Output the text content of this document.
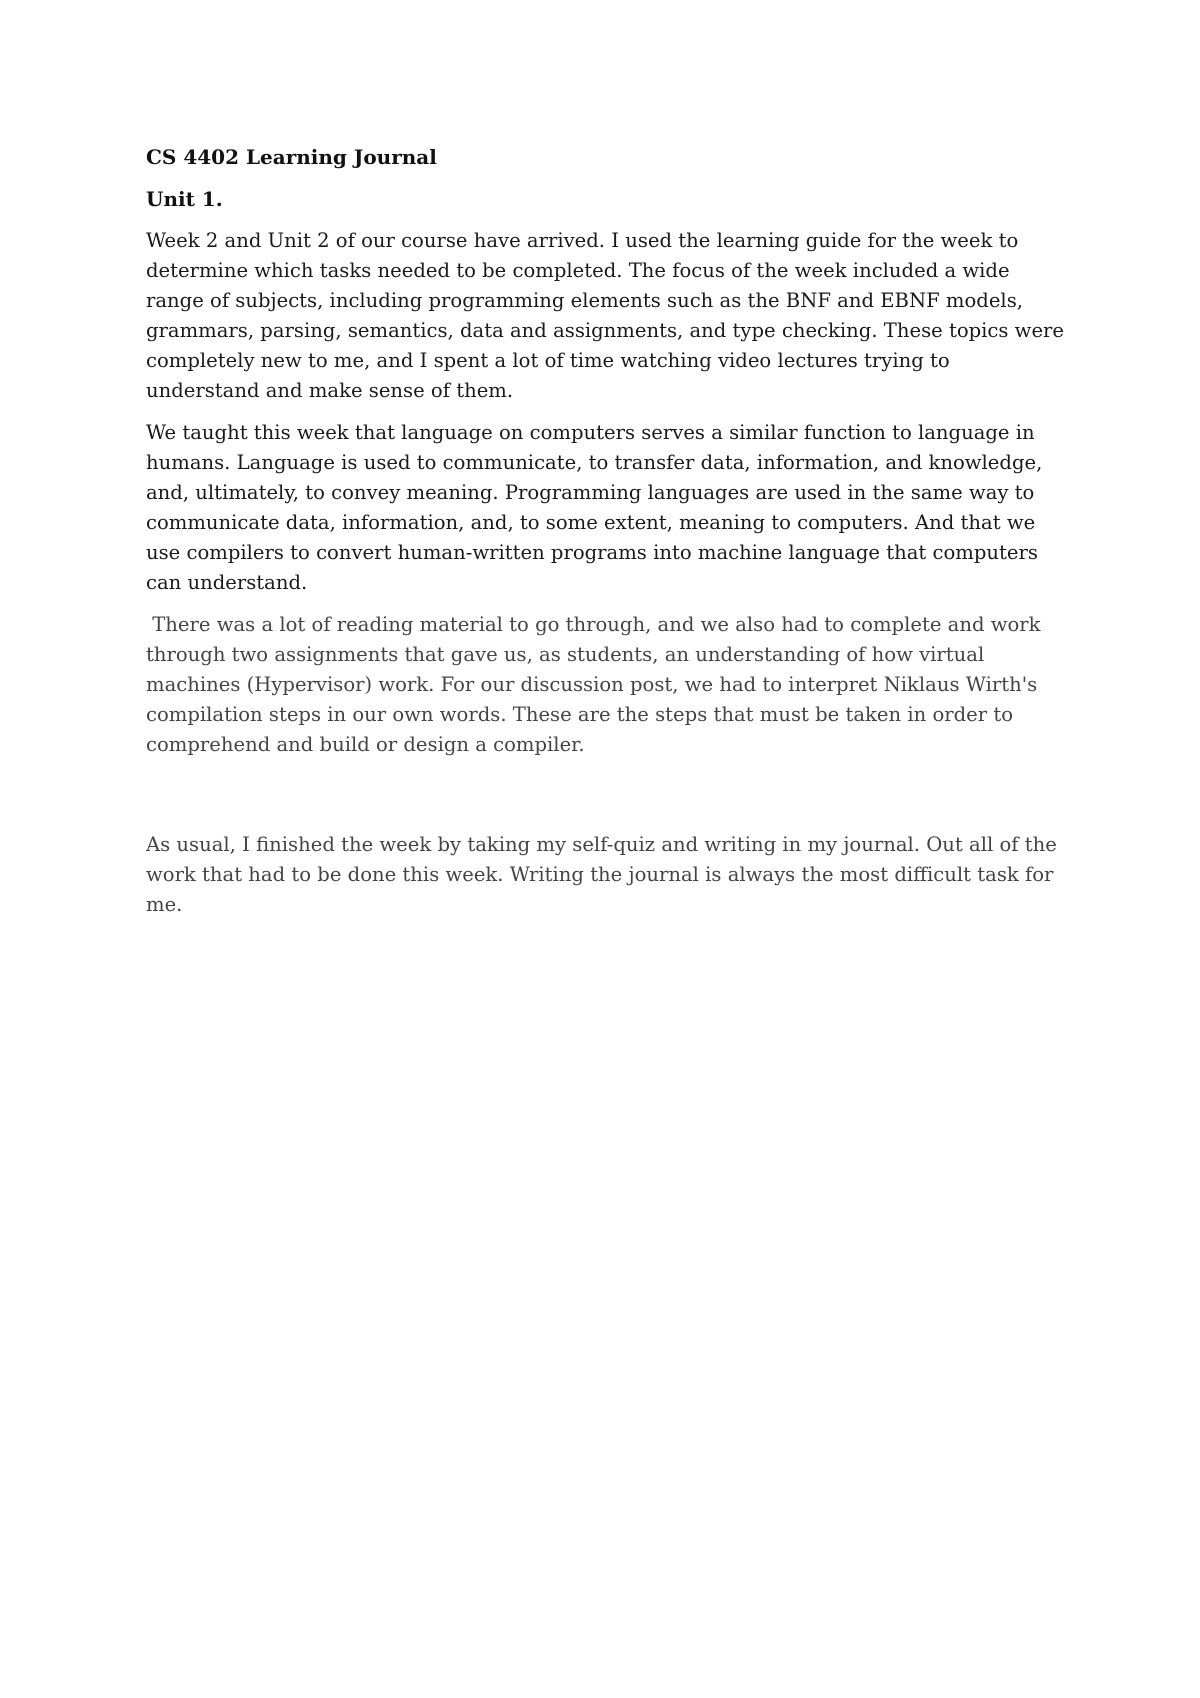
CS 4402 Learning Journal

Unit 1.

Week 2 and Unit 2 of our course have arrived. I used the learning guide for the week to determine which tasks needed to be completed. The focus of the week included a wide range of subjects, including programming elements such as the BNF and EBNF models, grammars, parsing, semantics, data and assignments, and type checking. These topics were completely new to me, and I spent a lot of time watching video lectures trying to understand and make sense of them.

We taught this week that language on computers serves a similar function to language in humans. Language is used to communicate, to transfer data, information, and knowledge, and, ultimately, to convey meaning. Programming languages are used in the same way to communicate data, information, and, to some extent, meaning to computers. And that we use compilers to convert human-written programs into machine language that computers can understand.

There was a lot of reading material to go through, and we also had to complete and work through two assignments that gave us, as students, an understanding of how virtual machines (Hypervisor) work. For our discussion post, we had to interpret Niklaus Wirth's compilation steps in our own words. These are the steps that must be taken in order to comprehend and build or design a compiler.

As usual, I finished the week by taking my self-quiz and writing in my journal. Out all of the work that had to be done this week. Writing the journal is always the most difficult task for me.
